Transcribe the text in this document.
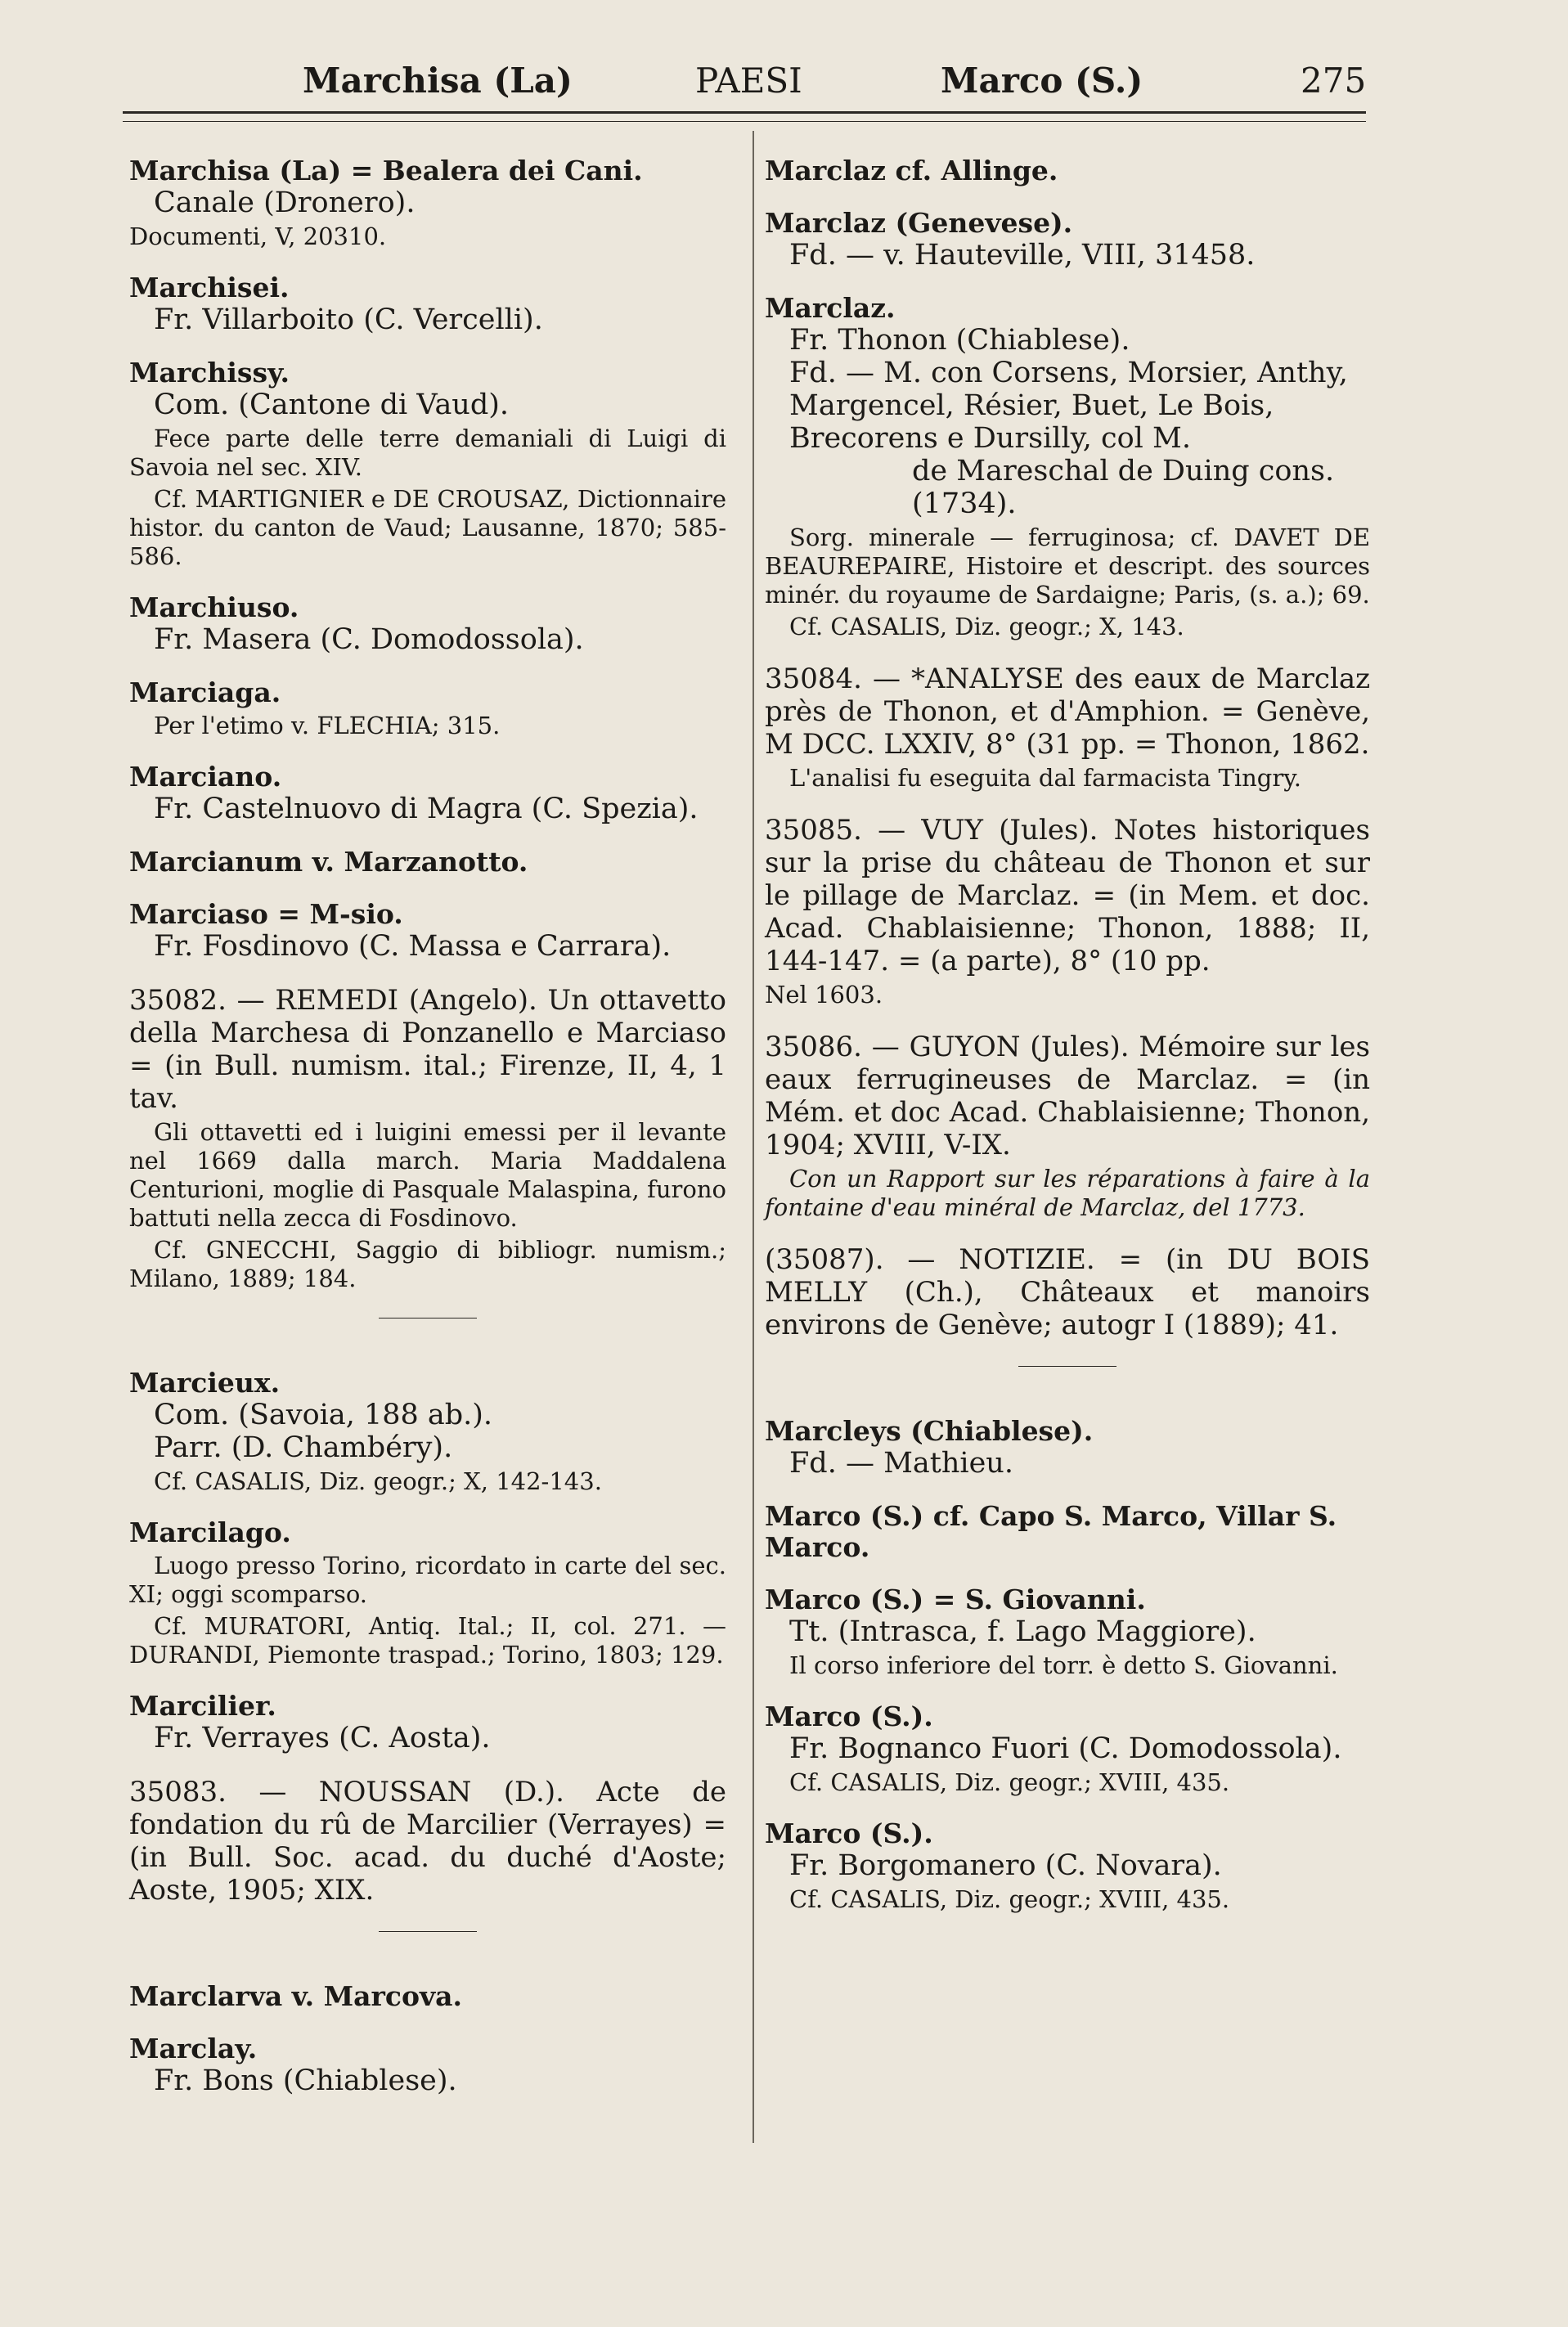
Marchisa (La)	PAESI	Marco (S.)	275

Marchisa (La) = Bealera dei Cani.

Canale (Dronero).

Documenti, V, 20310.

Marchisei.

Fr. Villarboito (C. Vercelli).

Marchissy.

Com. (Cantone di Vaud).

Fece parte delle terre demaniali di Luigi di Savoia nel sec. XIV.

Cf. MARTIGNIER e DE CROUSAZ, Dictionnaire histor. du canton de Vaud; Lausanne, 1870; 585-586.

Marchiuso.

Fr. Masera (C. Domodossola).

Marciaga.

Per l'etimo v. FLECHIA; 315.

Marciano.

Fr. Castelnuovo di Magra (C. Spezia).

Marcianum v. Marzanotto.

Marciaso = M-sio.

Fr. Fosdinovo (C. Massa e Carrara).

35082. — REMEDI (Angelo). Un ottavetto della Marchesa di Ponzanello e Marciaso = (in Bull. numism. ital.; Firenze, II, 4, 1 tav.

Gli ottavetti ed i luigini emessi per il levante nel 1669 dalla march. Maria Maddalena Centurioni, moglie di Pasquale Malaspina, furono battuti nella zecca di Fosdinovo.

Cf. GNECCHI, Saggio di bibliogr. numism.; Milano, 1889; 184.

Marcieux.

Com. (Savoia, 188 ab.).

Parr. (D. Chambéry).

Cf. CASALIS, Diz. geogr.; X, 142-143.

Marcilago.

Luogo presso Torino, ricordato in carte del sec. XI; oggi scomparso.

Cf. MURATORI, Antiq. Ital.; II, col. 271. — DURANDI, Piemonte traspad.; Torino, 1803; 129.

Marcilier.

Fr. Verrayes (C. Aosta).

35083. — NOUSSAN (D.). Acte de fondation du rû de Marcilier (Verrayes) = (in Bull. Soc. acad. du duché d'Aoste; Aoste, 1905; XIX.

Marclarva v. Marcova.

Marclay.

Fr. Bons (Chiablese).

Marclaz cf. Allinge.

Marclaz (Genevese).

Fd. — v. Hauteville, VIII, 31458.

Marclaz.

Fr. Thonon (Chiablese).

Fd. — M. con Corsens, Morsier, Anthy, Margencel, Résier, Buet, Le Bois, Brecorens e Dursilly, col M.

de Mareschal de Duing cons. (1734).

Sorg. minerale — ferruginosa; cf. DAVET DE BEAUREPAIRE, Histoire et descript. des sources minér. du royaume de Sardaigne; Paris, (s. a.); 69.

Cf. CASALIS, Diz. geogr.; X, 143.

35084. — *ANALYSE des eaux de Marclaz près de Thonon, et d'Amphion. = Genève, M DCC. LXXIV, 8° (31 pp. = Thonon, 1862.

L'analisi fu eseguita dal farmacista Tingry.

35085. — VUY (Jules). Notes historiques sur la prise du château de Thonon et sur le pillage de Marclaz. = (in Mem. et doc. Acad. Chablaisienne; Thonon, 1888; II, 144-147. = (a parte), 8° (10 pp.

Nel 1603.

35086. — GUYON (Jules). Mémoire sur les eaux ferrugineuses de Marclaz. = (in Mém. et doc Acad. Chablaisienne; Thonon, 1904; XVIII, V-IX.

Con un Rapport sur les réparations à faire à la fontaine d'eau minéral de Marclaz, del 1773.

(35087). — NOTIZIE. = (in DU BOIS MELLY (Ch.), Châteaux et manoirs environs de Genève; autogr I (1889); 41.

Marcleys (Chiablese).

Fd. — Mathieu.

Marco (S.) cf. Capo S. Marco, Villar S. Marco.

Marco (S.) = S. Giovanni.

Tt. (Intrasca, f. Lago Maggiore).

Il corso inferiore del torr. è detto S. Giovanni.

Marco (S.).

Fr. Bognanco Fuori (C. Domodossola).

Cf. CASALIS, Diz. geogr.; XVIII, 435.

Marco (S.).

Fr. Borgomanero (C. Novara).

Cf. CASALIS, Diz. geogr.; XVIII, 435.
